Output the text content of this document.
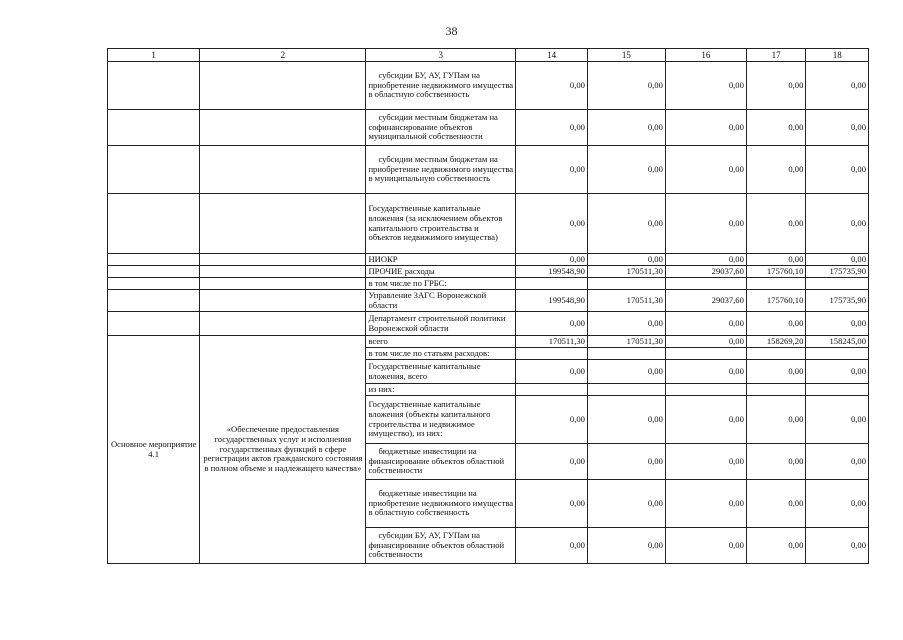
38
1	2	3	14	15	16	17	18
		субсидии БУ, АУ, ГУПам на приобретение недвижимого имущества в областную собственность	0,00	0,00	0,00	0,00	0,00
		субсидии местным бюджетам на софинансирование объектов муниципальной собственности	0,00	0,00	0,00	0,00	0,00
		субсидии местным бюджетам на приобретение недвижимого имущества в муниципальную собственность	0,00	0,00	0,00	0,00	0,00
		Государственные капитальные вложения (за исключением объектов капитального строительства и объектов недвижимого имущества)	0,00	0,00	0,00	0,00	0,00
		НИОКР	0,00	0,00	0,00	0,00	0,00
		ПРОЧИЕ расходы	199548,90	170511,30	29037,60	175760,10	175735,90
		в том числе по ГРБС:					
		Управление ЗАГС Воронежской области	199548,90	170511,30	29037,60	175760,10	175735,90
		Департамент строительной политики Воронежской области	0,00	0,00	0,00	0,00	0,00
Основное мероприятие 4.1	«Обеспечение предоставления государственных услуг и исполнения государственных функций в сфере регистрации актов гражданского состояния в полном объеме и надлежащего качества»	всего	170511,30	170511,30	0,00	158269,20	158245,00
		в том числе по статьям расходов:					
		Государственные капитальные вложения, всего	0,00	0,00	0,00	0,00	0,00
		из них:					
		Государственные капитальные вложения (объекты капитального строительства и недвижимое имущество), из них:	0,00	0,00	0,00	0,00	0,00
		бюджетные инвестиции на финансирование объектов областной собственности	0,00	0,00	0,00	0,00	0,00
		бюджетные инвестиции на приобретение недвижимого имущества в областную собственность	0,00	0,00	0,00	0,00	0,00
		субсидии БУ, АУ, ГУПам на финансирование объектов областной собственности	0,00	0,00	0,00	0,00	0,00
